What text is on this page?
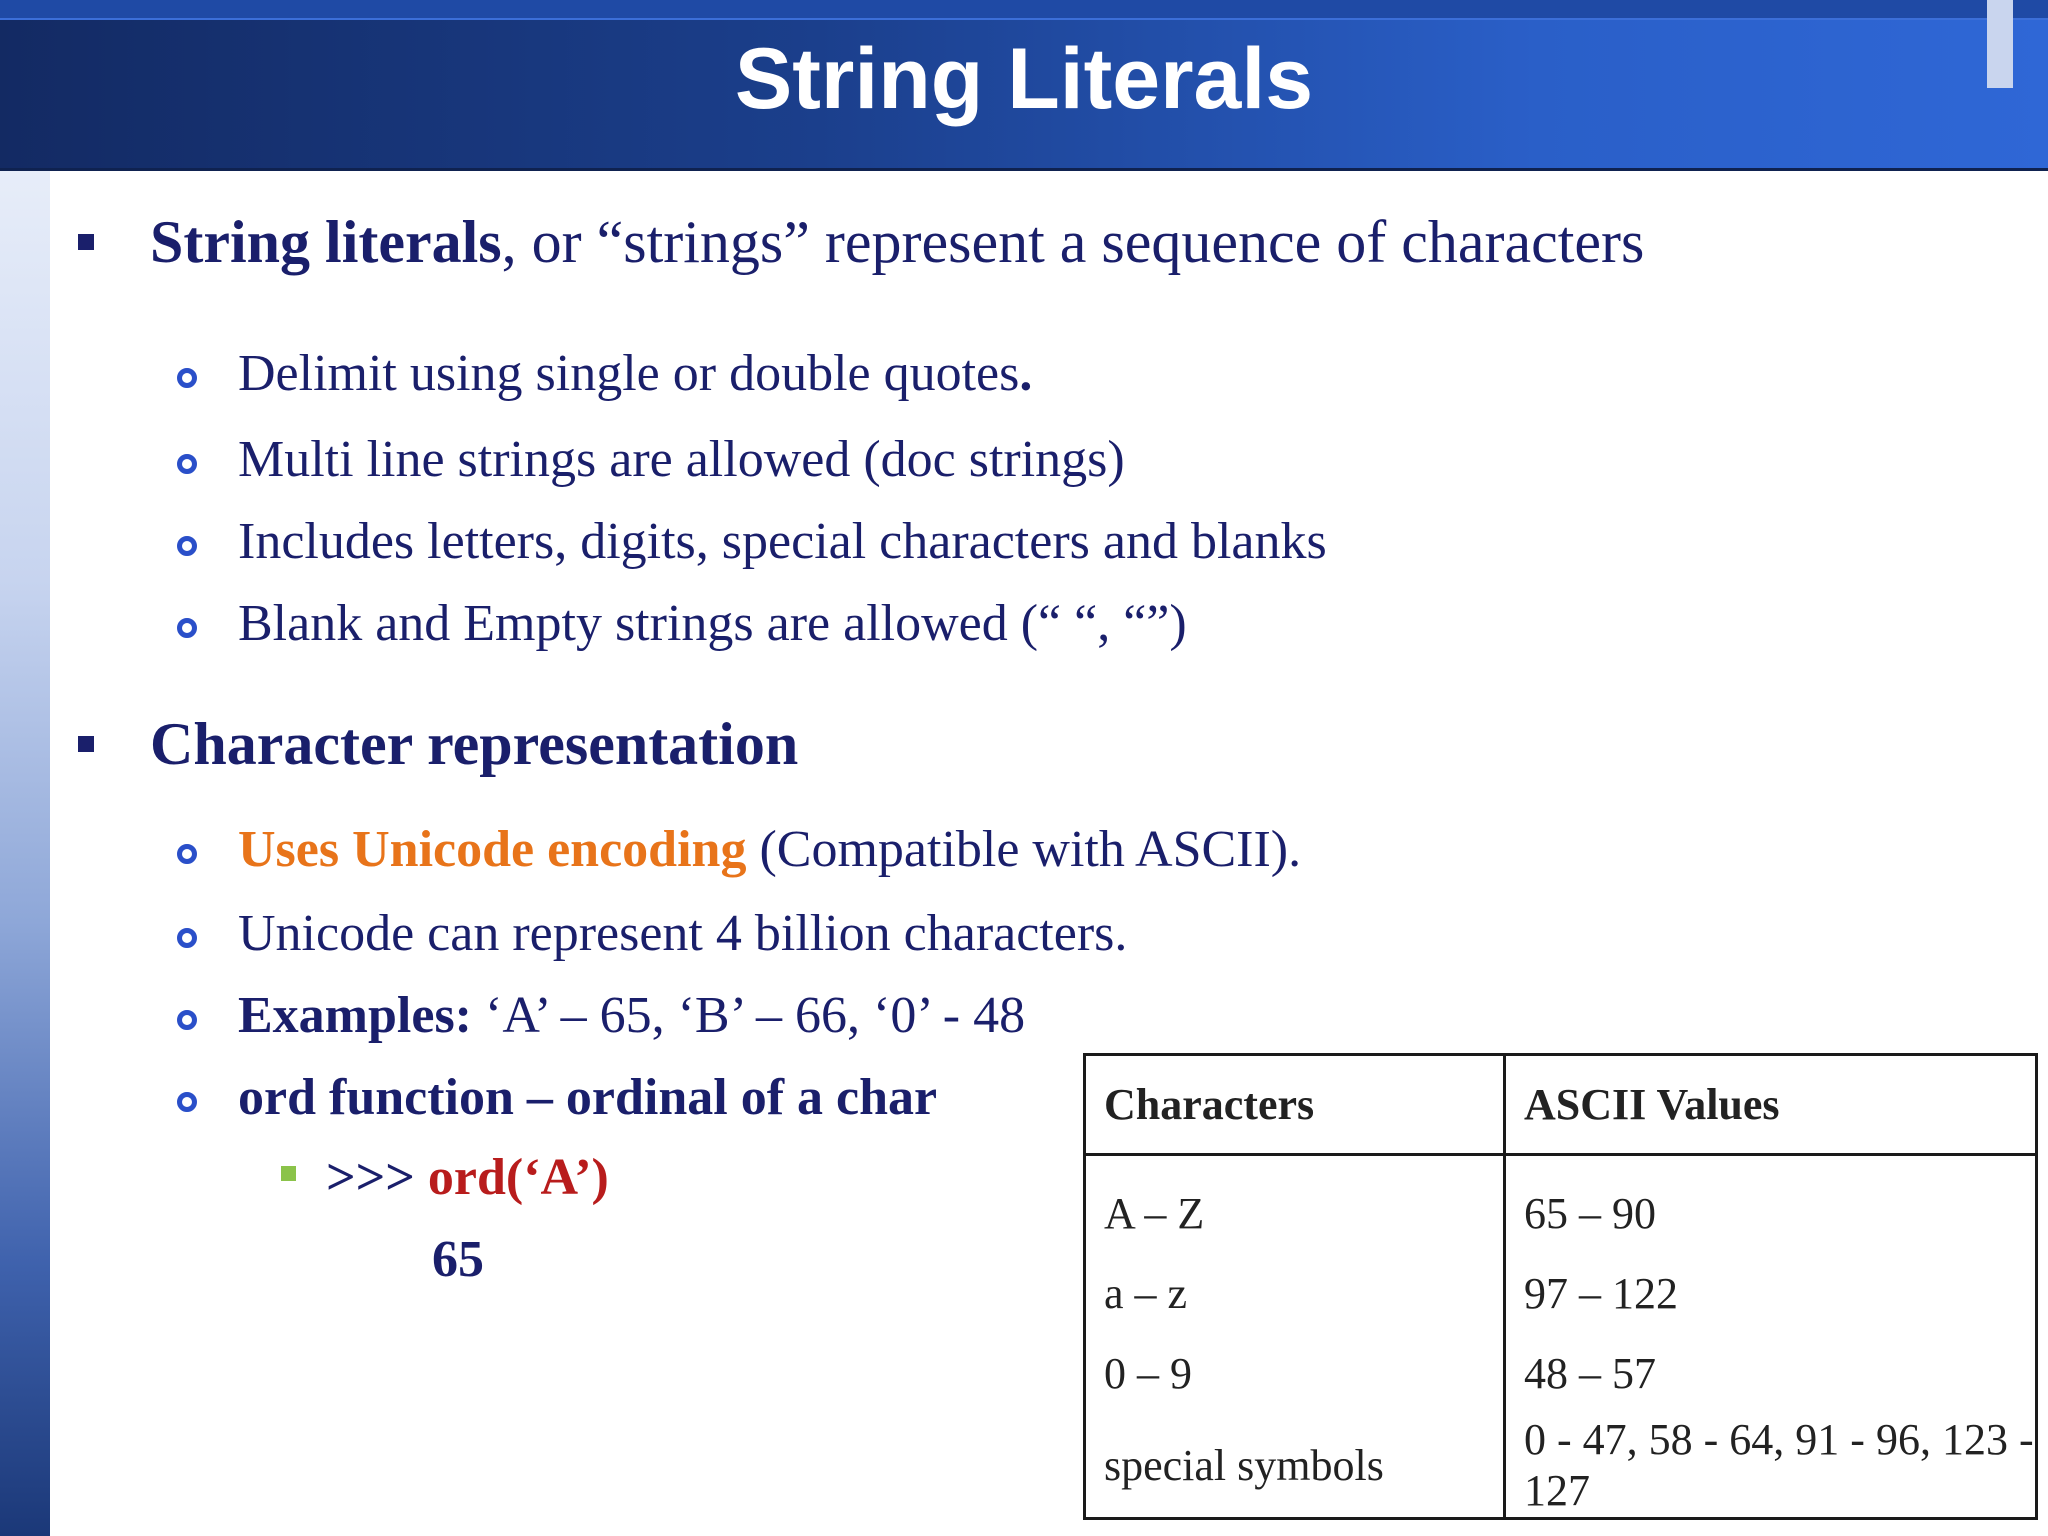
String Literals
String literals, or “strings” represent a sequence of characters
Delimit using single or double quotes.
Multi line strings are allowed (doc strings)
Includes letters, digits, special characters and blanks
Blank and Empty strings are allowed (“ “, “”)
Character representation
Uses Unicode encoding (Compatible with ASCII).
Unicode can represent 4 billion characters.
Examples: ‘A’ – 65, ‘B’ – 66, ‘0’ - 48
ord function – ordinal of a char
>>> ord(‘A’)
65
Characters	ASCII Values
A – Z	65 – 90
a – z	97 – 122
0 – 9	48 – 57
special symbols	0 - 47, 58 - 64, 91 - 96, 123 - 127
